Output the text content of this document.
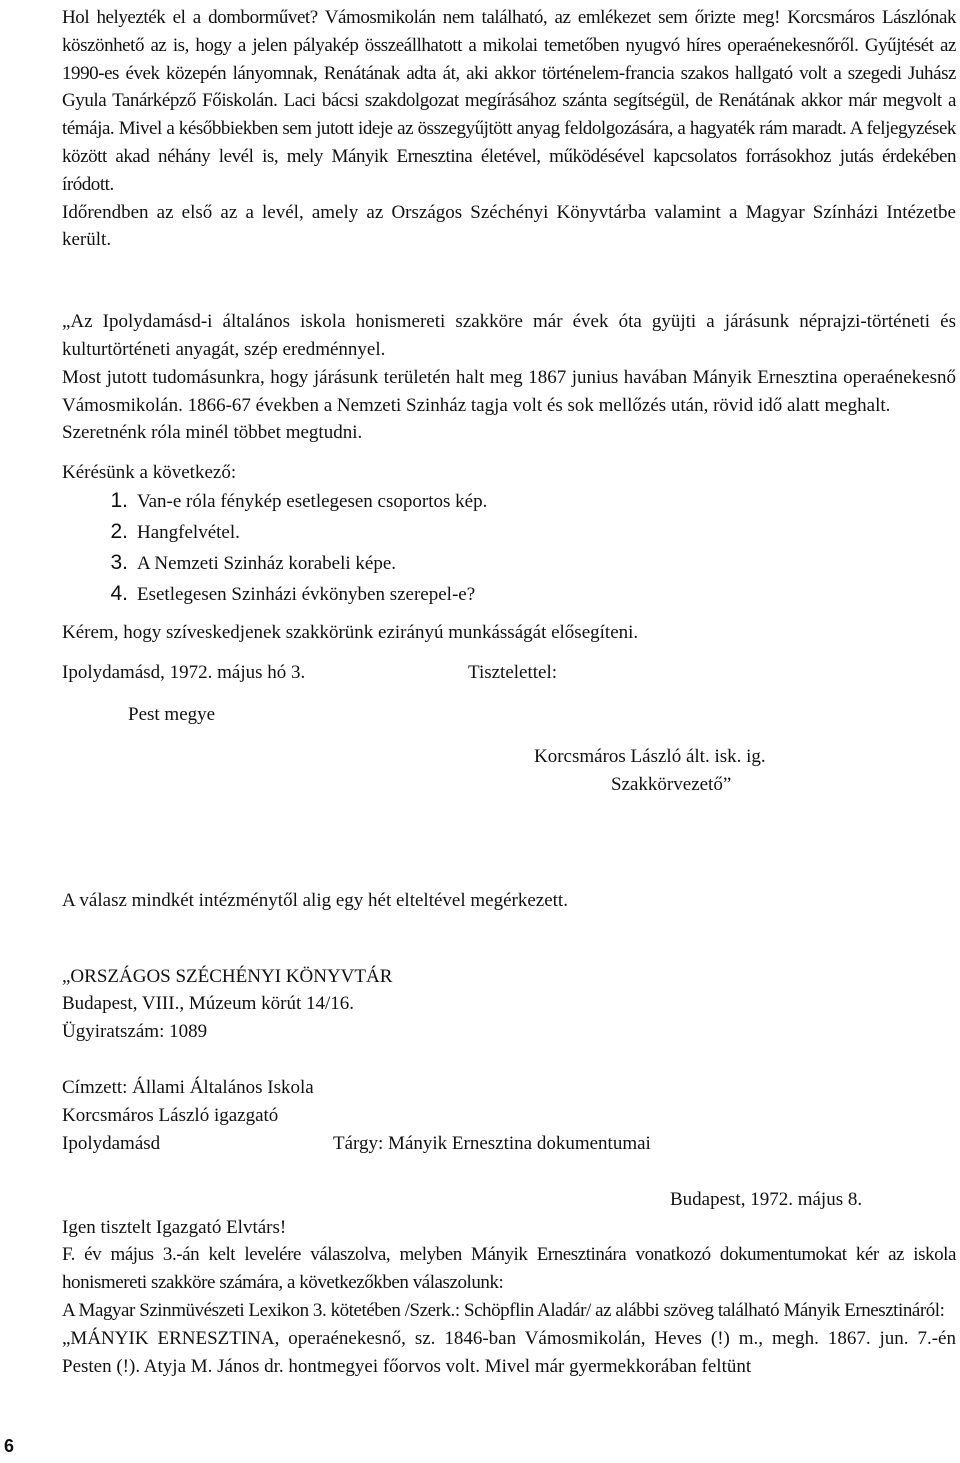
Hol helyezték el a domborművet? Vámosmikolán nem található, az emlékezet sem őrizte meg! Korcsmáros Lászlónak köszönhető az is, hogy a jelen pályakép összeállhatott a mikolai temetőben nyugvó híres operaénekesnőről. Gyűjtését az 1990-es évek közepén lányomnak, Renátának adta át, aki akkor történelem-francia szakos hallgató volt a szegedi Juhász Gyula Tanárképző Főiskolán. Laci bácsi szakdolgozat megírásához szánta segítségül, de Renátának akkor már megvolt a témája. Mivel a későbbiekben sem jutott ideje az összegyűjtött anyag feldolgozására, a hagyaték rám maradt. A feljegyzések között akad néhány levél is, mely Mányik Ernesztina életével, működésével kapcsolatos forrásokhoz jutás érdekében íródott.

Időrendben az első az a levél, amely az Országos Széchényi Könyvtárba valamint a Magyar Színházi Intézetbe került.

„Az Ipolydamásd-i általános iskola honismereti szakköre már évek óta gyüjti a járásunk néprajzi-történeti és kulturtörténeti anyagát, szép eredménnyel.

Most jutott tudomásunkra, hogy járásunk területén halt meg 1867 junius havában Mányik Ernesztina operaénekesnő Vámosmikolán. 1866-67 években a Nemzeti Szinház tagja volt és sok mellőzés után, rövid idő alatt meghalt.

Szeretnénk róla minél többet megtudni.

Kérésünk a következő:

1. Van-e róla fénykép esetlegesen csoportos kép.
2. Hangfelvétel.
3. A Nemzeti Szinház korabeli képe.
4. Esetlegesen Szinházi évkönyben szerepel-e?

Kérem, hogy szíveskedjenek szakkörünk ezirányú munkásságát elősegíteni.

Ipolydamásd, 1972. május hó 3.	Tisztelettel:
Pest megye
Korcsmáros László ált. isk. ig.
Szakkörvezető”

A válasz mindkét intézménytől alig egy hét elteltével megérkezett.

„ORSZÁGOS SZÉCHÉNYI KÖNYVTÁR

Budapest, VIII., Múzeum körút 14/16.

Ügyiratszám: 1089

Címzett: Állami Általános Iskola

Korcsmáros László igazgató

Ipolydamásd	Tárgy: Mányik Ernesztina dokumentumai
Budapest, 1972. május 8.

Igen tisztelt Igazgató Elvtárs!

F. év május 3.-án kelt levelére válaszolva, melyben Mányik Ernesztinára vonatkozó dokumentumokat kér az iskola honismereti szakköre számára, a következőkben válaszolunk:

A Magyar Szinmüvészeti Lexikon 3. kötetében /Szerk.: Schöpflin Aladár/ az alábbi szöveg található Mányik Ernesztináról:

„MÁNYIK ERNESZTINA, operaénekesnő, sz. 1846-ban Vámosmikolán, Heves (!) m., megh. 1867. jun. 7.-én Pesten (!). Atyja M. János dr. hontmegyei főorvos volt. Mivel már gyermekkorában feltünt

6
